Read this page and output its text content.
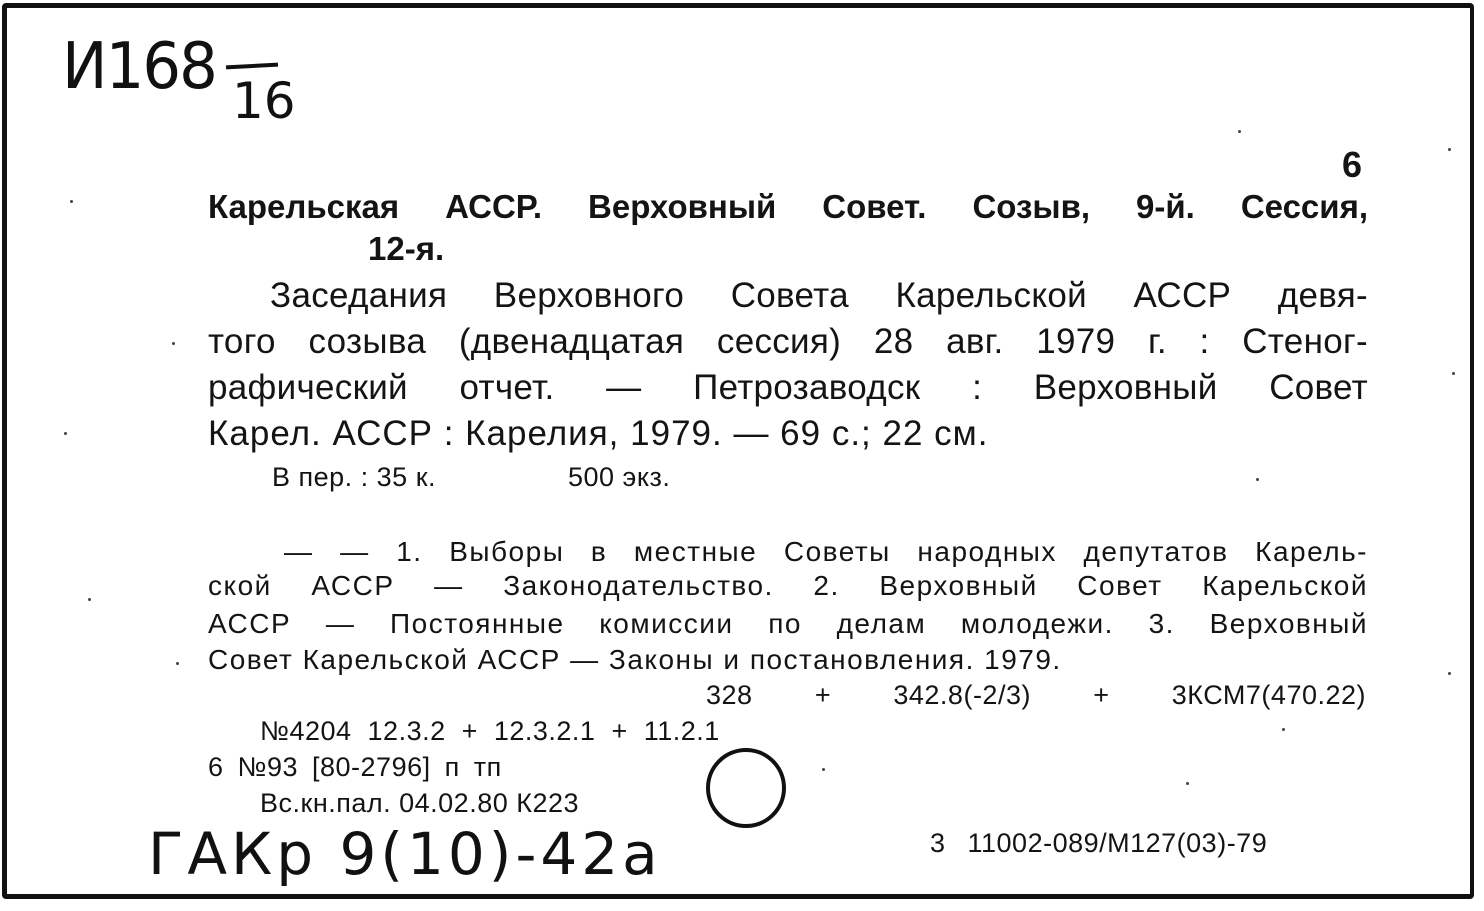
И168 16
6
Карельская АССР. Верховный Совет. Созыв, 9-й. Сессия,
12-я.
Заседания Верховного Совета Карельской АССР девя-
того созыва (двенадцатая сессия) 28 авг. 1979 г. : Стеног-
рафический отчет. — Петрозаводск : Верховный Совет
Карел. АССР : Карелия, 1979. — 69 с.; 22 см.
В пер. : 35 к.	500 экз.
— — 1. Выборы в местные Советы народных депутатов Карель-
ской АССР — Законодательство. 2. Верховный Совет Карельской
АССР — Постоянные комиссии по делам молодежи. 3. Верховный
Совет Карельской АССР — Законы и постановления. 1979.
328 + 342.8(-2/3) + 3КСМ7(470.22)
№4204 12.3.2 + 12.3.2.1 + 11.2.1
6 №93 [80-2796] п тп
Вс.кн.пал. 04.02.80 К223
ГАКр 9(10)-42а	3 11002-089/М127(03)-79
